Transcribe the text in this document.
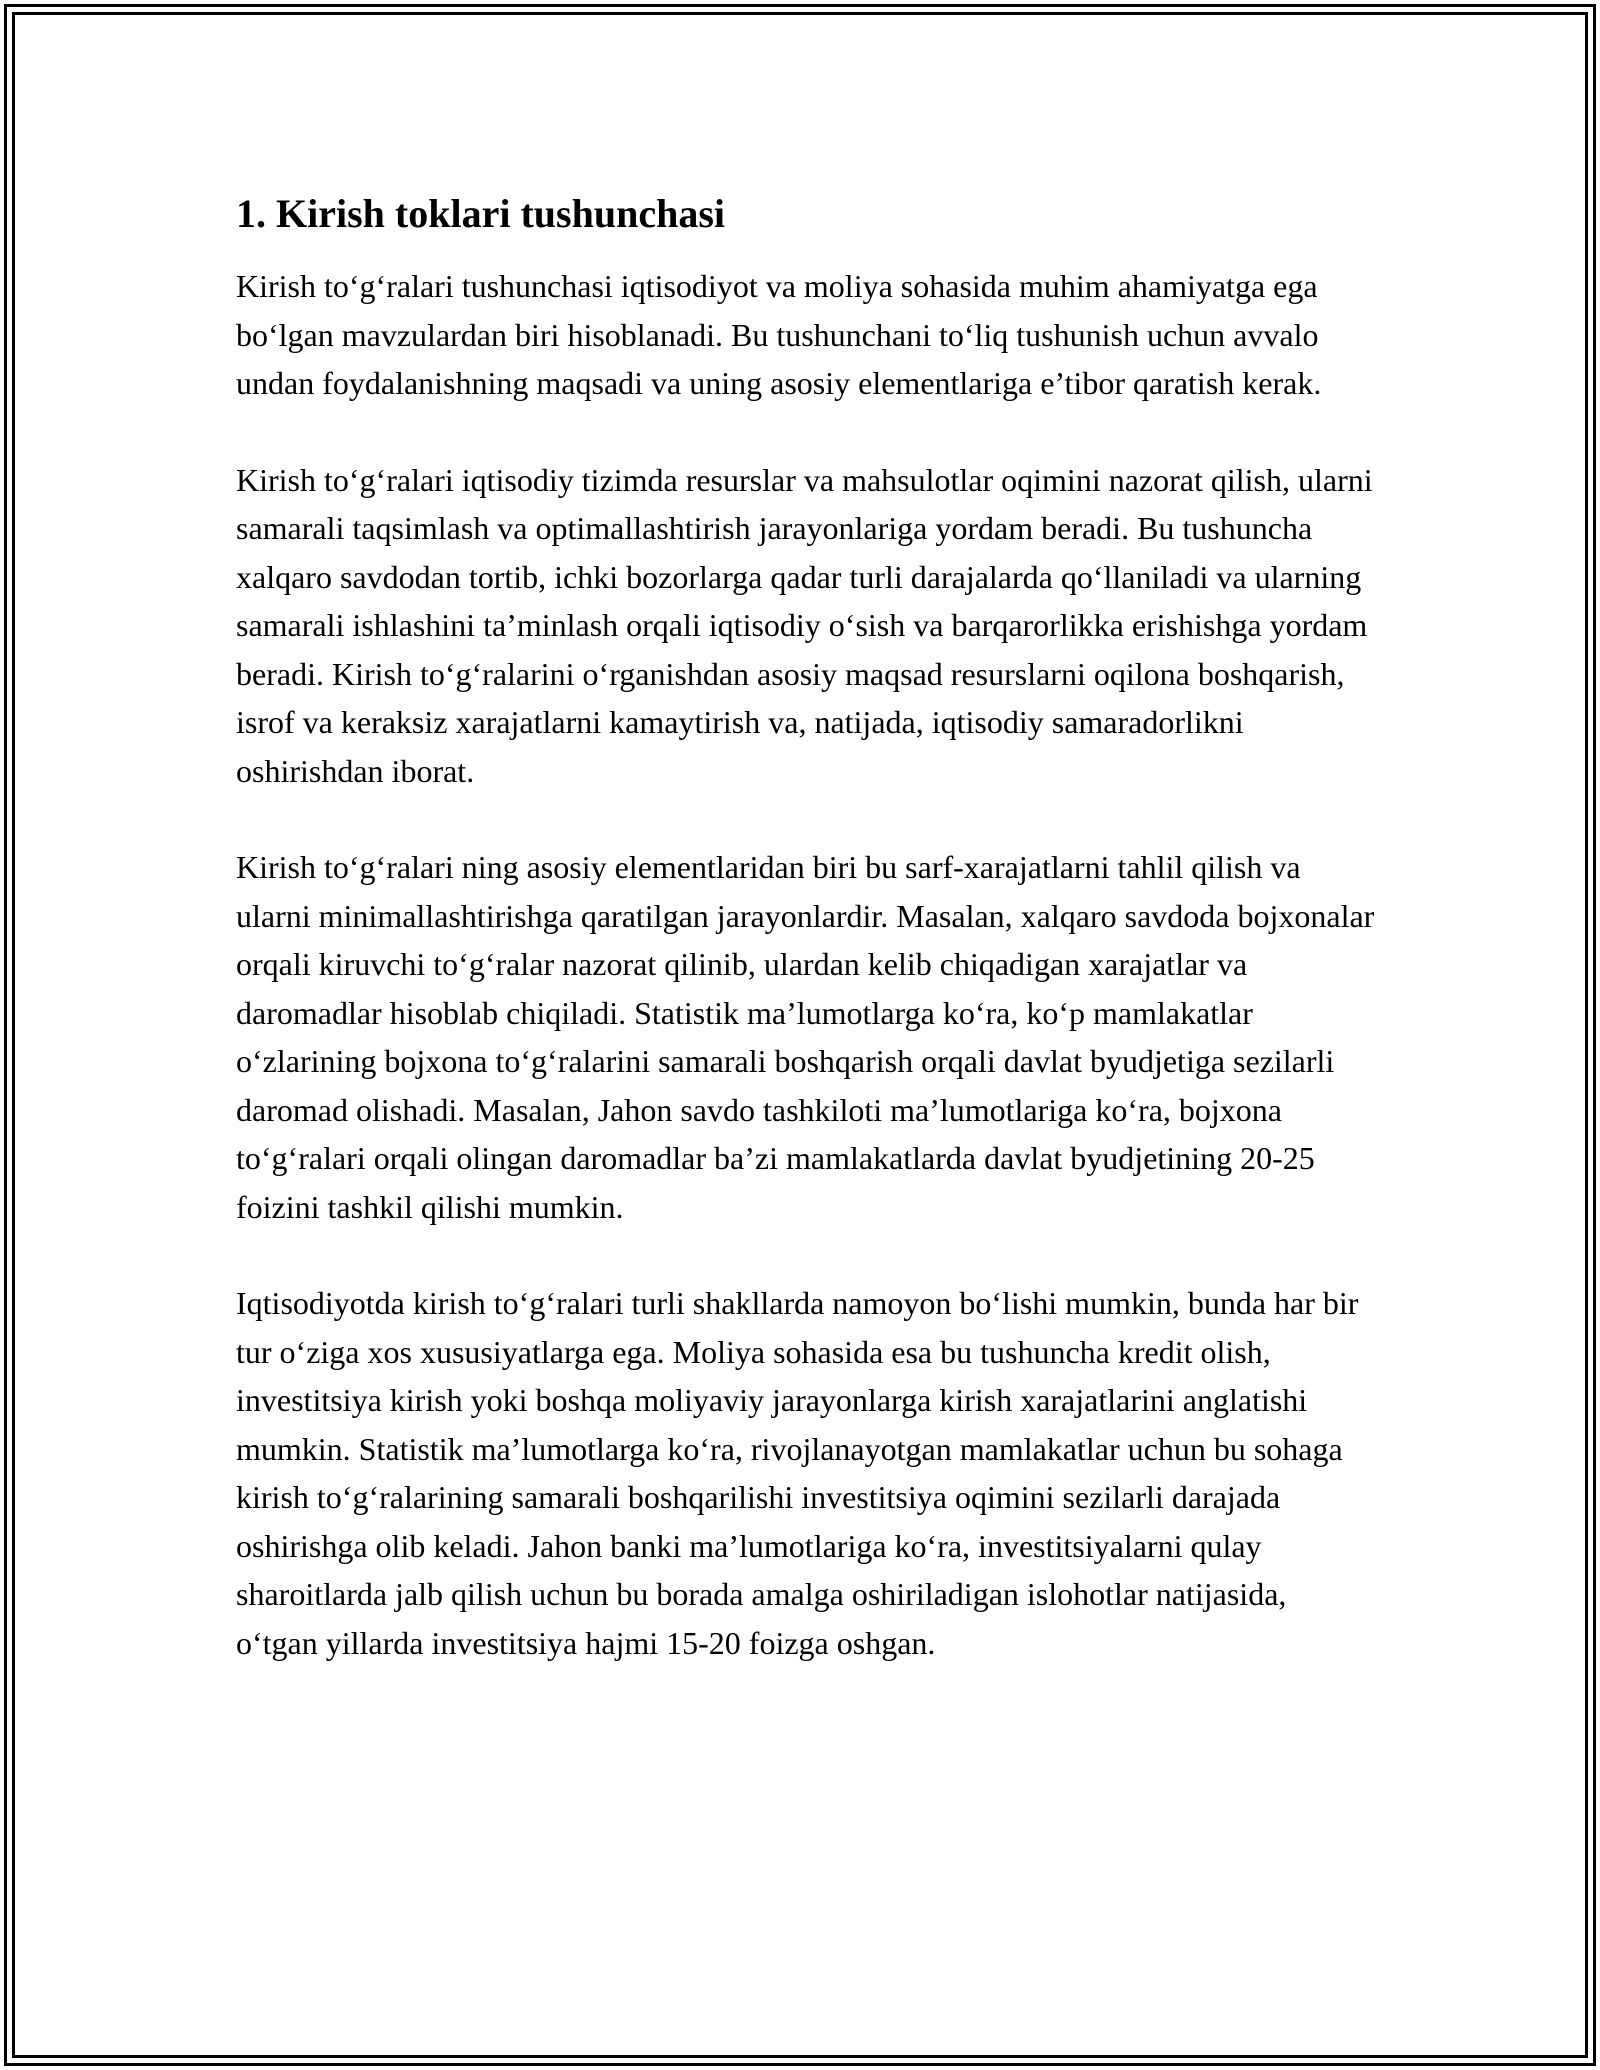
1. Kirish toklari tushunchasi

Kirish to‘g‘ralari tushunchasi iqtisodiyot va moliya sohasida muhim ahamiyatga ega bo‘lgan mavzulardan biri hisoblanadi. Bu tushunchani to‘liq tushunish uchun avvalo undan foydalanishning maqsadi va uning asosiy elementlariga e’tibor qaratish kerak.

Kirish to‘g‘ralari iqtisodiy tizimda resurslar va mahsulotlar oqimini nazorat qilish, ularni samarali taqsimlash va optimallashtirish jarayonlariga yordam beradi. Bu tushuncha xalqaro savdodan tortib, ichki bozorlarga qadar turli darajalarda qo‘llaniladi va ularning samarali ishlashini ta’minlash orqali iqtisodiy o‘sish va barqarorlikka erishishga yordam beradi. Kirish to‘g‘ralarini o‘rganishdan asosiy maqsad resurslarni oqilona boshqarish, isrof va keraksiz xarajatlarni kamaytirish va, natijada, iqtisodiy samaradorlikni oshirishdan iborat.

Kirish to‘g‘ralari ning asosiy elementlaridan biri bu sarf-xarajatlarni tahlil qilish va ularni minimallashtirishga qaratilgan jarayonlardir. Masalan, xalqaro savdoda bojxonalar orqali kiruvchi to‘g‘ralar nazorat qilinib, ulardan kelib chiqadigan xarajatlar va daromadlar hisoblab chiqiladi. Statistik ma’lumotlarga ko‘ra, ko‘p mamlakatlar o‘zlarining bojxona to‘g‘ralarini samarali boshqarish orqali davlat byudjetiga sezilarli daromad olishadi. Masalan, Jahon savdo tashkiloti ma’lumotlariga ko‘ra, bojxona to‘g‘ralari orqali olingan daromadlar ba’zi mamlakatlarda davlat byudjetining 20-25 foizini tashkil qilishi mumkin.

Iqtisodiyotda kirish to‘g‘ralari turli shakllarda namoyon bo‘lishi mumkin, bunda har bir tur o‘ziga xos xususiyatlarga ega. Moliya sohasida esa bu tushuncha kredit olish, investitsiya kirish yoki boshqa moliyaviy jarayonlarga kirish xarajatlarini anglatishi mumkin. Statistik ma’lumotlarga ko‘ra, rivojlanayotgan mamlakatlar uchun bu sohaga kirish to‘g‘ralarining samarali boshqarilishi investitsiya oqimini sezilarli darajada oshirishga olib keladi. Jahon banki ma’lumotlariga ko‘ra, investitsiyalarni qulay sharoitlarda jalb qilish uchun bu borada amalga oshiriladigan islohotlar natijasida, o‘tgan yillarda investitsiya hajmi 15-20 foizga oshgan.
